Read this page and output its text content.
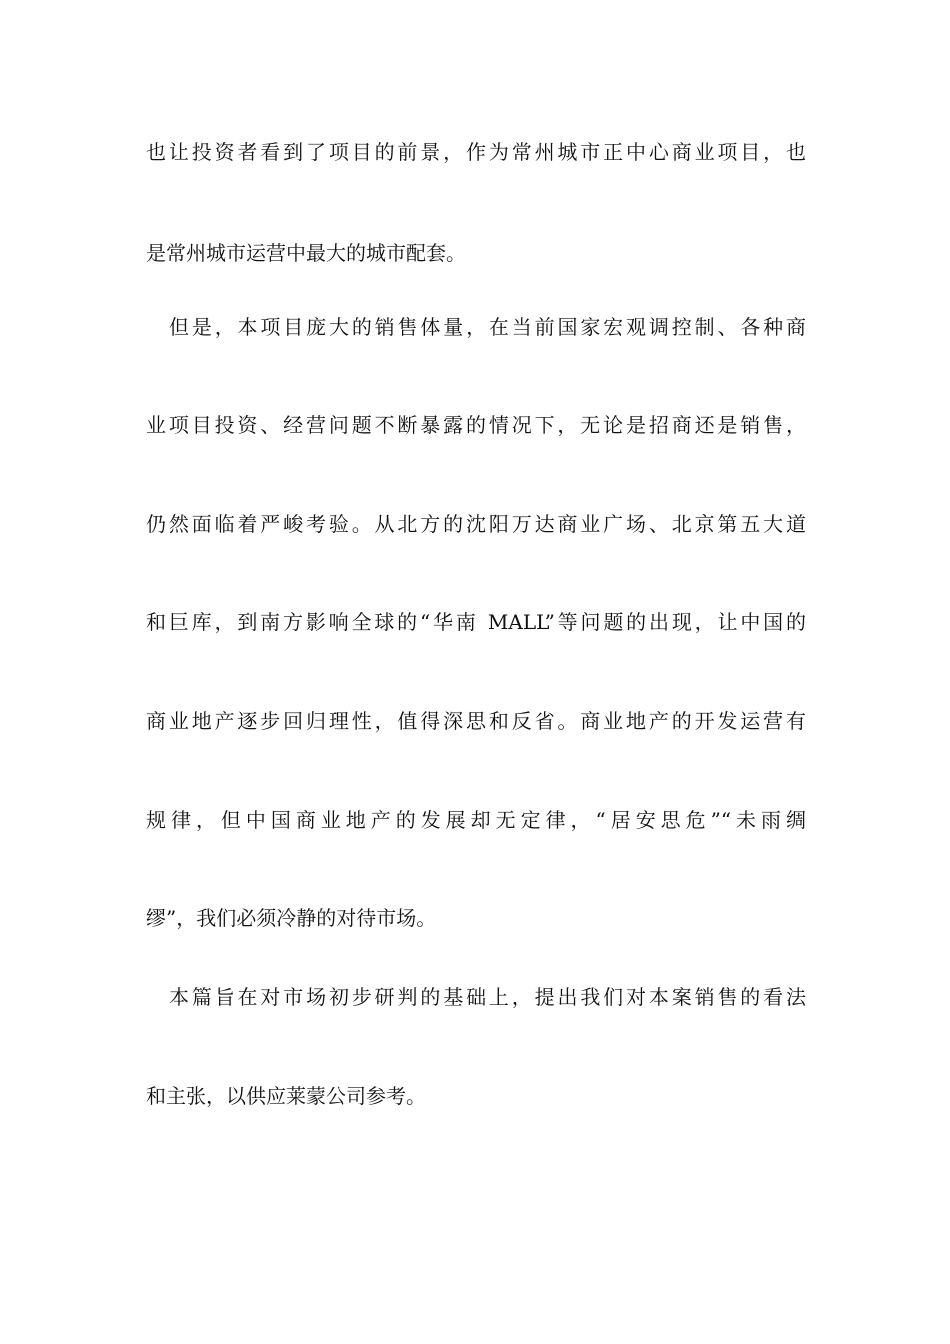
也让投资者看到了项目的前景，作为常州城市正中心商业项目，也
是常州城市运营中最大的城市配套。
但是，本项目庞大的销售体量，在当前国家宏观调控制、各种商
业项目投资、经营问题不断暴露的情况下，无论是招商还是销售，
仍然面临着严峻考验。从北方的沈阳万达商业广场、北京第五大道
和巨库，到南方影响全球的“华南 MALL”等问题的出现，让中国的
商业地产逐步回归理性，值得深思和反省。商业地产的开发运营有
规律，但中国商业地产的发展却无定律，“居安思危”“未雨绸
缪”，我们必须冷静的对待市场。
本篇旨在对市场初步研判的基础上，提出我们对本案销售的看法
和主张，以供应莱蒙公司参考。
